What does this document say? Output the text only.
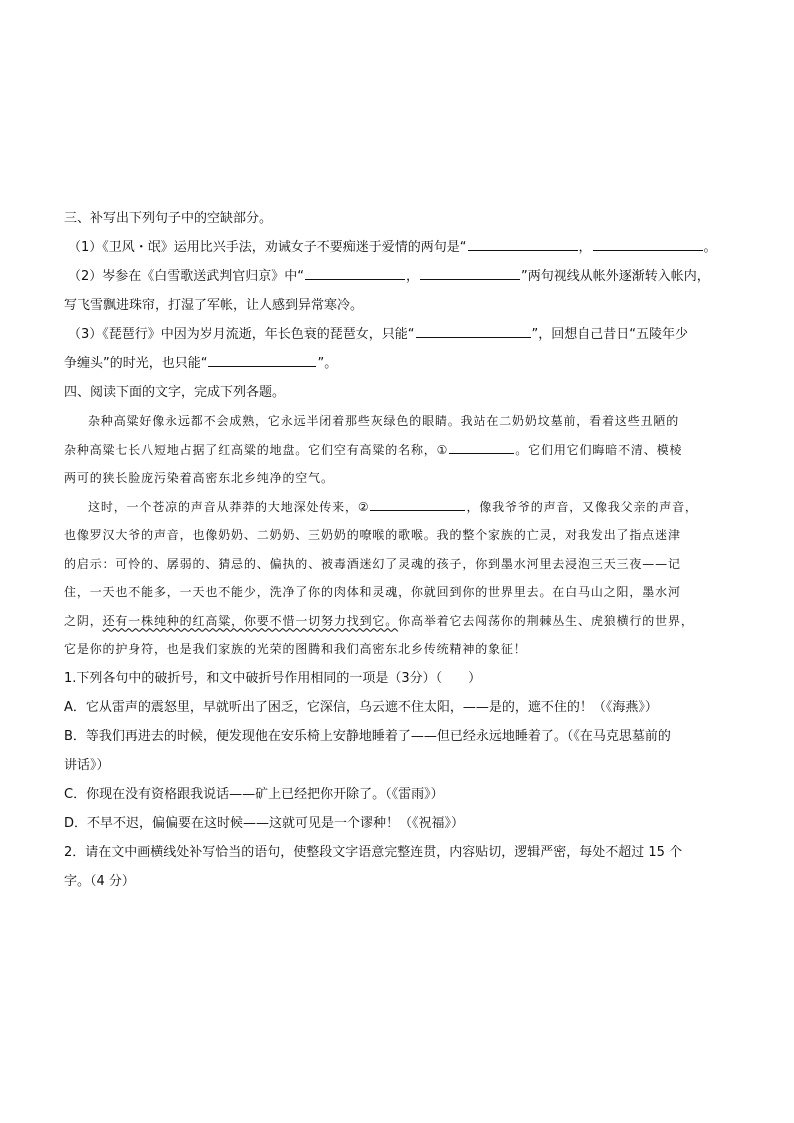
三、补写出下列句子中的空缺部分。
（1）《卫风・氓》运用比兴手法，劝诫女子不要痴迷于爱情的两句是“	，	。
（2）岑参在《白雪歌送武判官归京》中“	，	”两句视线从帐外逐渐转入帐内，
写飞雪飘进珠帘，打湿了军帐，让人感到异常寒冷。
（3）《琵琶行》中因为岁月流逝，年长色衰的琵琶女，只能“	”，回想自己昔日“五陵年少
争缠头”的时光，也只能“	”。
四、阅读下面的文字，完成下列各题。
杂种高粱好像永远都不会成熟，它永远半闭着那些灰绿色的眼睛。我站在二奶奶坟墓前，看着这些丑陋的
杂种高粱七长八短地占据了红高粱的地盘。它们空有高粱的名称，①	。它们用它们晦暗不清、模棱
两可的狭长脸庞污染着高密东北乡纯净的空气。
这时，一个苍凉的声音从莽莽的大地深处传来，②	，像我爷爷的声音，又像我父亲的声音，
也像罗汉大爷的声音，也像奶奶、二奶奶、三奶奶的嘹喉的歌喉。我的整个家族的亡灵，对我发出了指点迷津
的启示：可怜的、孱弱的、猜忌的、偏执的、被毒酒迷幻了灵魂的孩子，你到墨水河里去浸泡三天三夜——记
住，一天也不能多，一天也不能少，洗净了你的肉体和灵魂，你就回到你的世界里去。在白马山之阳，墨水河
之阴，还有一株纯种的红高粱，你要不惜一切努力找到它。你高举着它去闯荡你的荆棘丛生、虎狼横行的世界，
它是你的护身符，也是我们家族的光荣的图腾和我们高密东北乡传统精神的象征！
1.下列各句中的破折号，和文中破折号作用相同的一项是（3分）（　　）
A．它从雷声的震怒里，早就听出了困乏，它深信，乌云遮不住太阳，——是的，遮不住的！（《海燕》）
B．等我们再进去的时候，便发现他在安乐椅上安静地睡着了——但已经永远地睡着了。（《在马克思墓前的
讲话》）
C．你现在没有资格跟我说话——矿上已经把你开除了。（《雷雨》）
D．不早不迟，偏偏要在这时候——这就可见是一个谬种！（《祝福》）
2．请在文中画横线处补写恰当的语句，使整段文字语意完整连贯，内容贴切，逻辑严密，每处不超过 15 个
字。（4 分）
